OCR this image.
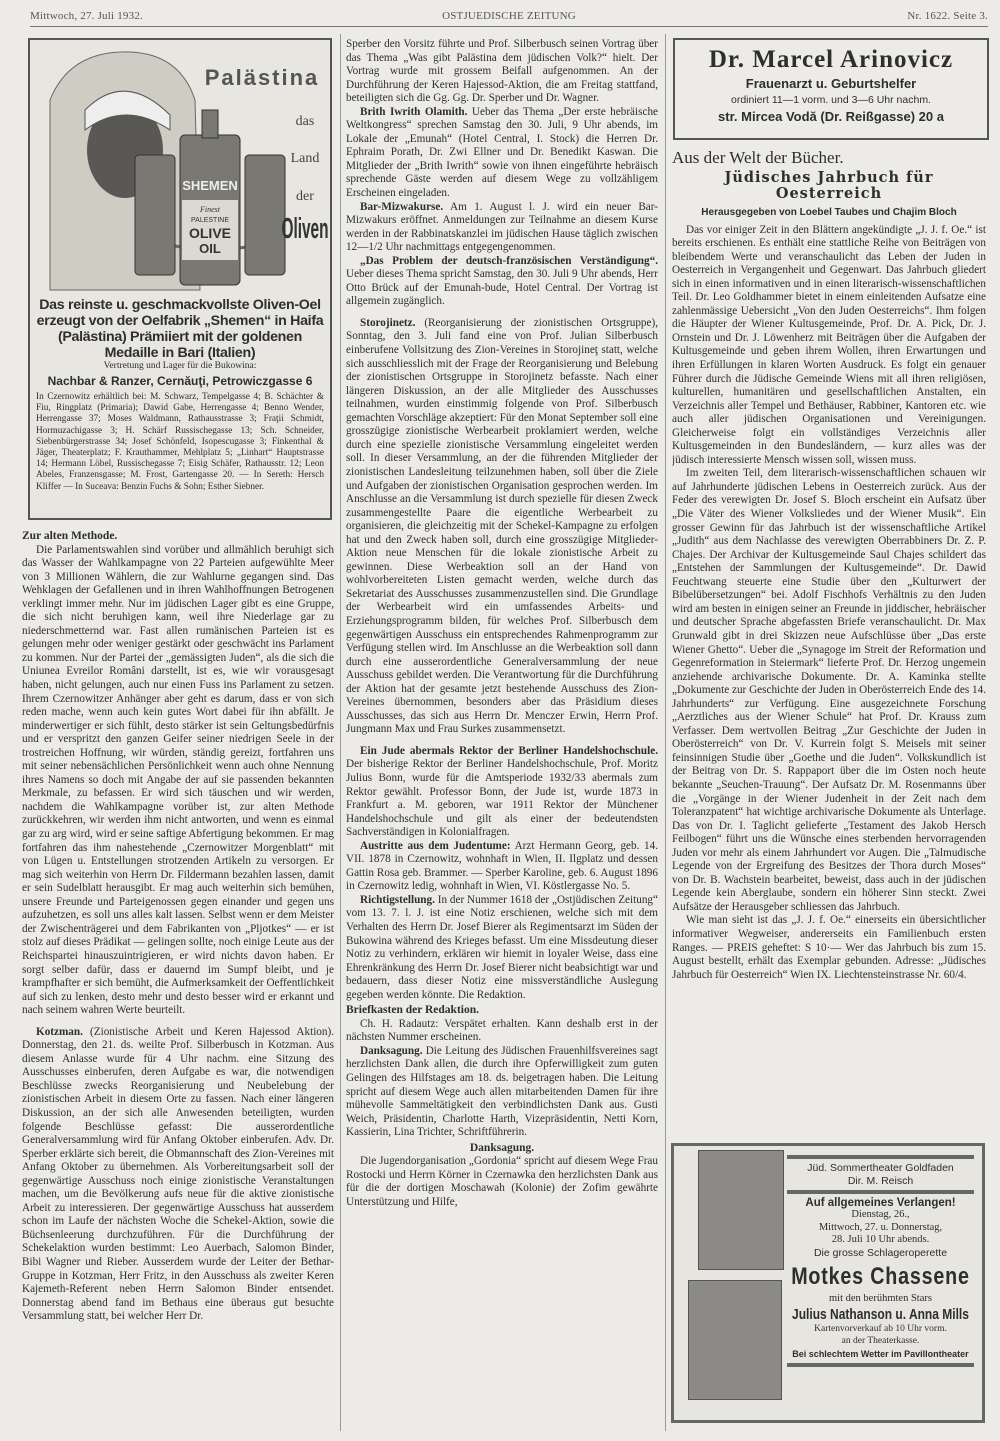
Mittwoch, 27. Juli 1932.	OSTJUEDISCHE ZEITUNG	Nr. 1622. Seite 3.
SHEMEN
Finest
PALESTINE
OLIVE
OIL
Palästina
das
Land
der
Oliven
Das reinste u. geschmackvollste Oliven-Oel erzeugt von der Oelfabrik „Shemen“ in Haifa (Palästina) Prämiiert mit der goldenen Medaille in Bari (Italien)
Vertretung und Lager für die Bukowina:
Nachbar & Ranzer, Cernăuţi, Petrowiczgasse 6
In Czernowitz erhältlich bei: M. Schwarz, Tempelgasse 4; B. Schächter & Fiu, Ringplatz (Primaria); Dawid Gabe, Herrengasse 4; Benno Wender, Herrengasse 37; Moses Waldmann, Rathausstrasse 3; Fraţii Schmidt, Hormuzachigasse 3; H. Schärf Russischegasse 13; Sch. Schneider, Siebenbürgerstrasse 34; Josef Schönfeld, Isopescugasse 3; Finkenthal & Jäger, Theaterplatz; F. Krauthammer, Mehlplatz 5; „Linhart“ Hauptstrasse 14; Hermann Löbel, Russischegasse 7; Eisig Schäfer, Rathausstr. 12; Leon Abeles, Franzensgasse; M. Frost, Gartengasse 20. — In Sereth: Hersch Kliffer — In Suceava: Benzin Fuchs & Sohn; Esther Siebner.
Zur alten Methode.

Die Parlamentswahlen sind vorüber und allmählich beruhigt sich das Wasser der Wahlkampagne von 22 Parteien aufgewühlte Meer von 3 Millionen Wählern, die zur Wahlurne gegangen sind. Das Wehklagen der Gefallenen und in ihren Wahlhoffnungen Betrogenen verklingt immer mehr. Nur im jüdischen Lager gibt es eine Gruppe, die sich nicht beruhigen kann, weil ihre Niederlage gar zu niederschmetternd war. Fast allen rumänischen Parteien ist es gelungen mehr oder weniger gestärkt oder geschwächt ins Parlament zu kommen. Nur der Partei der „gemässigten Juden“, als die sich die Uniunea Evreilor Români darstellt, ist es, wie wir vorausgesagt haben, nicht gelungen, auch nur einen Fuss ins Parlament zu setzen. Ihrem Czernowitzer Anhänger aber geht es darum, dass er von sich reden mache, wenn auch kein gutes Wort dabei für ihn abfällt. Je minderwertiger er sich fühlt, desto stärker ist sein Geltungsbedürfnis und er verspritzt den ganzen Geifer seiner niedrigen Seele in der trostreichen Hoffnung, wir würden, ständig gereizt, fortfahren uns mit seiner nebensächlichen Persönlichkeit wenn auch ohne Nennung ihres Namens so doch mit Angabe der auf sie passenden bekannten Merkmale, zu befassen. Er wird sich täuschen und wir werden, nachdem die Wahlkampagne vorüber ist, zur alten Methode zurückkehren, wir werden ihm nicht antworten, und wenn es einmal gar zu arg wird, wird er seine saftige Abfertigung bekommen. Er mag fortfahren das ihm nahestehende „Czernowitzer Morgenblatt“ mit von Lügen u. Entstellungen strotzenden Artikeln zu versorgen. Er mag sich weiterhin von Herrn Dr. Fildermann bezahlen lassen, damit er sein Sudelblatt herausgibt. Er mag auch weiterhin sich bemühen, unsere Freunde und Parteigenossen gegen einander und gegen uns aufzuhetzen, es soll uns alles kalt lassen. Selbst wenn er dem Meister der Zwischenträgerei und dem Fabrikanten von „Pljotkes“ — er ist stolz auf dieses Prädikat — gelingen sollte, noch einige Leute aus der Reichspartei hinauszuintrigieren, er wird nichts davon haben. Er sorgt selber dafür, dass er dauernd im Sumpf bleibt, und je krampfhafter er sich bemüht, die Aufmerksamkeit der Oeffentlichkeit auf sich zu lenken, desto mehr und desto besser wird er erkannt und nach seinem wahren Werte beurteilt.

Kotzman. (Zionistische Arbeit und Keren Hajessod Aktion). Donnerstag, den 21. ds. weilte Prof. Silberbusch in Kotzman. Aus diesem Anlasse wurde für 4 Uhr nachm. eine Sitzung des Ausschusses einberufen, deren Aufgabe es war, die notwendigen Beschlüsse zwecks Reorganisierung und Neubelebung der zionistischen Arbeit in diesem Orte zu fassen. Nach einer längeren Diskussion, an der sich alle Anwesenden beteiligten, wurden folgende Beschlüsse gefasst: Die ausserordentliche Generalversammlung wird für Anfang Oktober einberufen. Adv. Dr. Sperber erklärte sich bereit, die Obmannschaft des Zion-Vereines mit Anfang Oktober zu übernehmen. Als Vorbereitungsarbeit soll der gegenwärtige Ausschuss noch einige zionistische Veranstaltungen machen, um die Bevölkerung aufs neue für die aktive zionistische Arbeit zu interessieren. Der gegenwärtige Ausschuss hat ausserdem schon im Laufe der nächsten Woche die Schekel-Aktion, sowie die Büchsenleerung durchzuführen. Für die Durchführung der Schekelaktion wurden bestimmt: Leo Auerbach, Salomon Binder, Bibi Wagner und Rieber. Ausserdem wurde der Leiter der Bethar-Gruppe in Kotzman, Herr Fritz, in den Ausschuss als zweiter Keren Kajemeth-Referent neben Herrn Salomon Binder entsendet. Donnerstag abend fand im Bethaus eine überaus gut besuchte Versammlung statt, bei welcher Herr Dr.

Sperber den Vorsitz führte und Prof. Silberbusch seinen Vortrag über das Thema „Was gibt Palästina dem jüdischen Volk?“ hielt. Der Vortrag wurde mit grossem Beifall aufgenommen. An der Durchführung der Keren Hajessod-Aktion, die am Freitag stattfand, beteiligten sich die Gg. Gg. Dr. Sperber und Dr. Wagner.

Brith Iwrith Olamith. Ueber das Thema „Der erste hebräische Weltkongress“ sprechen Samstag den 30. Juli, 9 Uhr abends, im Lokale der „Emunah“ (Hotel Central, I. Stock) die Herren Dr. Ephraim Porath, Dr. Zwi Ellner und Dr. Benedikt Kaswan. Die Mitglieder der „Brith Iwrith“ sowie von ihnen eingeführte hebräisch sprechende Gäste werden auf diesem Wege zu vollzähligem Erscheinen eingeladen.

Bar-Mizwakurse. Am 1. August l. J. wird ein neuer Bar-Mizwakurs eröffnet. Anmeldungen zur Teilnahme an diesem Kurse werden in der Rabbinatskanzlei im jüdischen Hause täglich zwischen 12—1/2 Uhr nachmittags entgegengenommen.

„Das Problem der deutsch-französischen Verständigung“. Ueber dieses Thema spricht Samstag, den 30. Juli 9 Uhr abends, Herr Otto Brück auf der Emunah-bude, Hotel Central. Der Vortrag ist allgemein zugänglich.

Storojinetz. (Reorganisierung der zionistischen Ortsgruppe), Sonntag, den 3. Juli fand eine von Prof. Julian Silberbusch einberufene Vollsitzung des Zion-Vereines in Storojineţ statt, welche sich ausschliesslich mit der Frage der Reorganisierung und Belebung der zionistischen Ortsgruppe in Storojinetz befasste. Nach einer längeren Diskussion, an der alle Mitglieder des Ausschusses teilnahmen, wurden einstimmig folgende von Prof. Silberbusch gemachten Vorschläge akzeptiert: Für den Monat September soll eine grosszügige zionistische Werbearbeit proklamiert werden, welche durch eine spezielle zionistische Versammlung eingeleitet werden soll. In dieser Versammlung, an der die führenden Mitglieder der zionistischen Landesleitung teilzunehmen haben, soll über die Ziele und Aufgaben der zionistischen Organisation gesprochen werden. Im Anschlusse an die Versammlung ist durch spezielle für diesen Zweck zusammengestellte Paare die eigentliche Werbearbeit zu organisieren, die gleichzeitig mit der Schekel-Kampagne zu erfolgen hat und den Zweck haben soll, durch eine grosszügige Mitglieder-Aktion neue Menschen für die lokale zionistische Arbeit zu gewinnen. Diese Werbeaktion soll an der Hand von wohlvorbereiteten Listen gemacht werden, welche durch das Sekretariat des Ausschusses zusammenzustellen sind. Die Grundlage der Werbearbeit wird ein umfassendes Arbeits- und Erziehungsprogramm bilden, für welches Prof. Silberbusch dem gegenwärtigen Ausschuss ein entsprechendes Rahmenprogramm zur Verfügung stellen wird. Im Anschlusse an die Werbeaktion soll dann durch eine ausserordentliche Generalversammlung der neue Ausschuss gebildet werden. Die Verantwortung für die Durchführung der Aktion hat der gesamte jetzt bestehende Ausschuss des Zion-Vereines übernommen, besonders aber das Präsidium dieses Ausschusses, das sich aus Herrn Dr. Menczer Erwin, Herrn Prof. Jungmann Max und Frau Surkes zusammensetzt.

Ein Jude abermals Rektor der Berliner Handelshochschule. Der bisherige Rektor der Berliner Handelshochschule, Prof. Moritz Julius Bonn, wurde für die Amtsperiode 1932/33 abermals zum Rektor gewählt. Professor Bonn, der Jude ist, wurde 1873 in Frankfurt a. M. geboren, war 1911 Rektor der Münchener Handelshochschule und gilt als einer der bedeutendsten Sachverständigen in Kolonialfragen.

Austritte aus dem Judentume: Arzt Hermann Georg, geb. 14. VII. 1878 in Czernowitz, wohnhaft in Wien, II. Ilgplatz und dessen Gattin Rosa geb. Brammer. — Sperber Karoline, geb. 6. August 1896 in Czernowitz ledig, wohnhaft in Wien, VI. Köstlergasse No. 5.

Richtigstellung. In der Nummer 1618 der „Ostjüdischen Zeitung“ vom 13. 7. l. J. ist eine Notiz erschienen, welche sich mit dem Verhalten des Herrn Dr. Josef Bierer als Regimentsarzt im Süden der Bukowina während des Krieges befasst. Um eine Missdeutung dieser Notiz zu verhindern, erklären wir hiemit in loyaler Weise, dass eine Ehrenkränkung des Herrn Dr. Josef Bierer nicht beabsichtigt war und bedauern, dass dieser Notiz eine missverständliche Auslegung gegeben werden könnte. Die Redaktion.

Briefkasten der Redaktion.

Ch. H. Radautz: Verspätet erhalten. Kann deshalb erst in der nächsten Nummer erscheinen.

Danksagung. Die Leitung des Jüdischen Frauenhilfsvereines sagt herzlichsten Dank allen, die durch ihre Opferwilligkeit zum guten Gelingen des Hilfstages am 18. ds. beigetragen haben. Die Leitung spricht auf diesem Wege auch allen mitarbeitenden Damen für ihre mühevolle Sammeltätigkeit den verbindlichsten Dank aus. Gusti Weich, Präsidentin, Charlotte Harth, Vizepräsidentin, Netti Korn, Kassierin, Lina Trichter, Schriftführerin.

Danksagung.

Die Jugendorganisation „Gordonia“ spricht auf diesem Wege Frau Rostocki und Herrn Körner in Czernawka den herzlichsten Dank aus für die der dortigen Moschawah (Kolonie) der Zofim gewährte Unterstützung und Hilfe,

Dr. Marcel Arinovicz
Frauenarzt u. Geburtshelfer
ordiniert 11—1 vorm. und 3—6 Uhr nachm.
str. Mircea Vodă (Dr. Reißgasse) 20 a
Aus der Welt der Bücher.
Jüdisches Jahrbuch für Oesterreich
Herausgegeben von Loebel Taubes und Chajim Bloch

Das vor einiger Zeit in den Blättern angekündigte „J. J. f. Oe.“ ist bereits erschienen. Es enthält eine stattliche Reihe von Beiträgen von bleibendem Werte und veranschaulicht das Leben der Juden in Oesterreich in Vergangenheit und Gegenwart. Das Jahrbuch gliedert sich in einen informativen und in einen literarisch-wissenschaftlichen Teil. Dr. Leo Goldhammer bietet in einem einleitenden Aufsatze eine zahlenmässige Uebersicht „Von den Juden Oesterreichs“. Ihm folgen die Häupter der Wiener Kultusgemeinde, Prof. Dr. A. Pick, Dr. J. Ornstein und Dr. J. Löwenherz mit Beiträgen über die Aufgaben der Kultusgemeinde und geben ihrem Wollen, ihren Erwartungen und ihren Erfüllungen in klaren Worten Ausdruck. Es folgt ein genauer Führer durch die Jüdische Gemeinde Wiens mit all ihren religiösen, kulturellen, humanitären und gesellschaftlichen Anstalten, ein Verzeichnis aller Tempel und Bethäuser, Rabbiner, Kantoren etc. wie auch aller jüdischen Organisationen und Vereinigungen. Gleicherweise folgt ein vollständiges Verzeichnis aller Kultusgemeinden in den Bundesländern, — kurz alles was der jüdisch interessierte Mensch wissen soll, wissen muss.

Im zweiten Teil, dem literarisch-wissenschaftlichen schauen wir auf Jahrhunderte jüdischen Lebens in Oesterreich zurück. Aus der Feder des verewigten Dr. Josef S. Bloch erscheint ein Aufsatz über „Die Väter des Wiener Volksliedes und der Wiener Musik“. Ein grosser Gewinn für das Jahrbuch ist der wissenschaftliche Artikel „Judith“ aus dem Nachlasse des verewigten Oberrabbiners Dr. Z. P. Chajes. Der Archivar der Kultusgemeinde Saul Chajes schildert das „Entstehen der Sammlungen der Kultusgemeinde“. Dr. Dawid Feuchtwang steuerte eine Studie über den „Kulturwert der Bibelübersetzungen“ bei. Adolf Fischhofs Verhältnis zu den Juden wird am besten in einigen seiner an Freunde in jiddischer, hebräischer und deutscher Sprache abgefassten Briefe veranschaulicht. Dr. Max Grunwald gibt in drei Skizzen neue Aufschlüsse über „Das erste Wiener Ghetto“. Ueber die „Synagoge im Streit der Reformation und Gegenreformation in Steiermark“ lieferte Prof. Dr. Herzog ungemein anziehende archivarische Dokumente. Dr. A. Kaminka stellte „Dokumente zur Geschichte der Juden in Oberösterreich Ende des 14. Jahrhunderts“ zur Verfügung. Eine ausgezeichnete Forschung „Aerztliches aus der Wiener Schule“ hat Prof. Dr. Krauss zum Verfasser. Dem wertvollen Beitrag „Zur Geschichte der Juden in Oberösterreich“ von Dr. V. Kurrein folgt S. Meisels mit seiner feinsinnigen Studie über „Goethe und die Juden“. Volkskundlich ist der Beitrag von Dr. S. Rappaport über die im Osten noch heute bekannte „Seuchen-Trauung“. Der Aufsatz Dr. M. Rosenmanns über die „Vorgänge in der Wiener Judenheit in der Zeit nach dem Toleranzpatent“ hat wichtige archivarische Dokumente als Unterlage. Das von Dr. I. Taglicht gelieferte „Testament des Jakob Hersch Feilbogen“ führt uns die Wünsche eines sterbenden hervorragenden Juden vor mehr als einem Jahrhundert vor Augen. Die „Talmudische Legende von der Ergreifung des Besitzes der Thora durch Moses“ von Dr. B. Wachstein bearbeitet, beweist, dass auch in der jüdischen Legende kein Aberglaube, sondern ein höherer Sinn steckt. Zwei Aufsätze der Herausgeber schliessen das Jahrbuch.

Wie man sieht ist das „J. J. f. Oe.“ einerseits ein übersichtlicher informativer Wegweiser, andererseits ein Familienbuch ersten Ranges. — PREIS geheftet: S 10·— Wer das Jahrbuch bis zum 15. August bestellt, erhält das Exemplar gebunden. Adresse: „Jüdisches Jahrbuch für Oesterreich“ Wien IX. Liechtensteinstrasse Nr. 60/4.

Jüd. Sommertheater Goldfaden
Dir. M. Reisch
Auf allgemeines Verlangen!
Dienstag, 26.,
Mittwoch, 27. u. Donnerstag,
28. Juli 10 Uhr abends.
Die grosse Schlageroperette
Motkes Chassene
mit den berühmten Stars
Julius Nathanson u. Anna Mills
Kartenvorverkauf ab 10 Uhr vorm.
an der Theaterkasse.
Bei schlechtem Wetter im Pavillontheater
